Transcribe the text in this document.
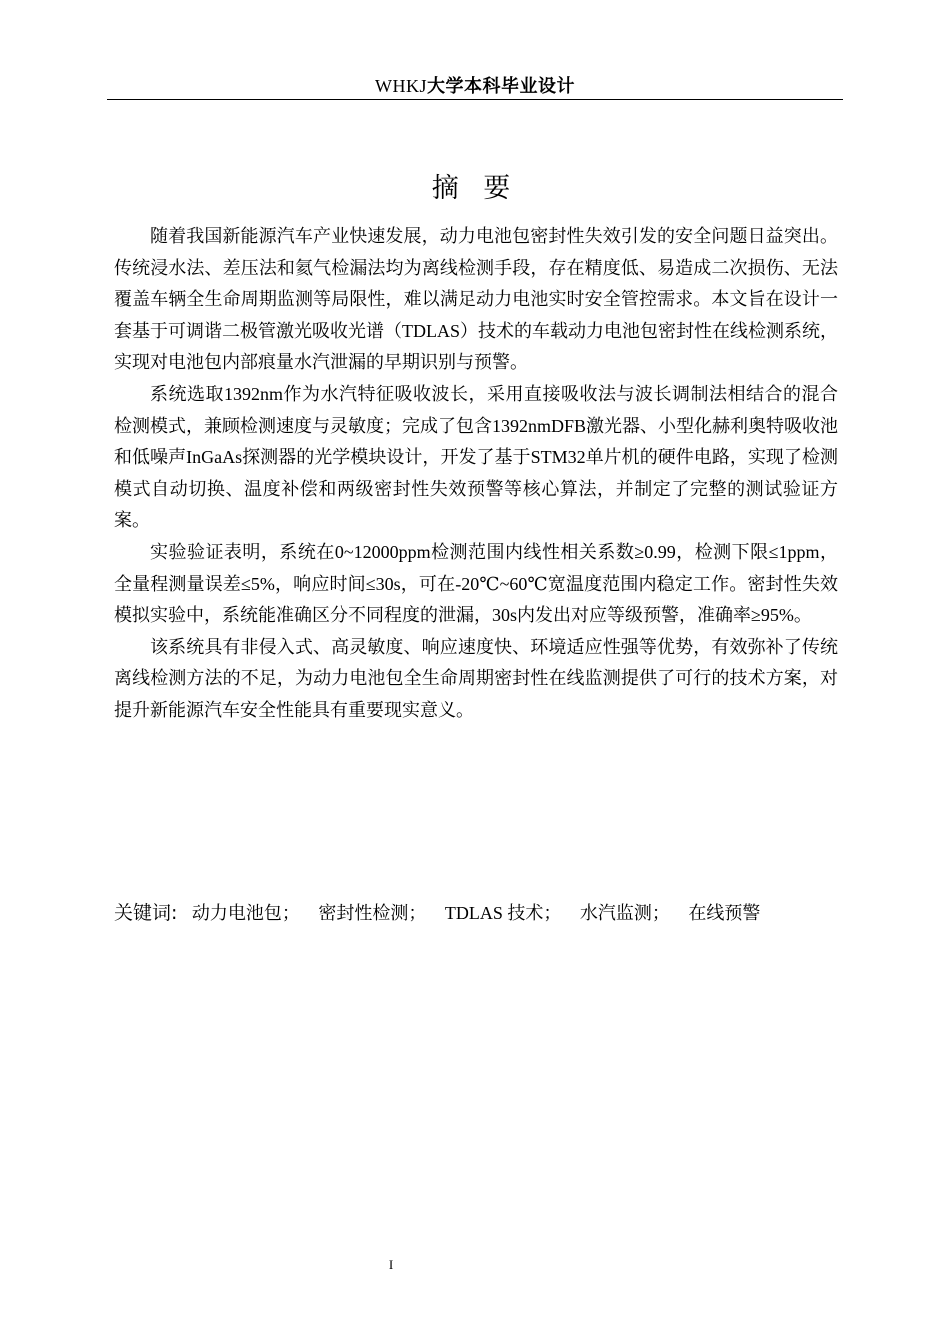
WHKJ大学本科毕业设计
摘 要

随着我国新能源汽车产业快速发展，动力电池包密封性失效引发的安全问题日益突出。传统浸水法、差压法和氦气检漏法均为离线检测手段，存在精度低、易造成二次损伤、无法覆盖车辆全生命周期监测等局限性，难以满足动力电池实时安全管控需求。本文旨在设计一套基于可调谐二极管激光吸收光谱（TDLAS）技术的车载动力电池包密封性在线检测系统，实现对电池包内部痕量水汽泄漏的早期识别与预警。

系统选取1392nm作为水汽特征吸收波长，采用直接吸收法与波长调制法相结合的混合检测模式，兼顾检测速度与灵敏度；完成了包含1392nmDFB激光器、小型化赫利奥特吸收池和低噪声InGaAs探测器的光学模块设计，开发了基于STM32单片机的硬件电路，实现了检测模式自动切换、温度补偿和两级密封性失效预警等核心算法，并制定了完整的测试验证方案。

实验验证表明，系统在0~12000ppm检测范围内线性相关系数≥0.99，检测下限≤1ppm，全量程测量误差≤5%，响应时间≤30s，可在-20℃~60℃宽温度范围内稳定工作。密封性失效模拟实验中，系统能准确区分不同程度的泄漏，30s内发出对应等级预警，准确率≥95%。

该系统具有非侵入式、高灵敏度、响应速度快、环境适应性强等优势，有效弥补了传统离线检测方法的不足，为动力电池包全生命周期密封性在线监测提供了可行的技术方案，对提升新能源汽车安全性能具有重要现实意义。

关键词: 动力电池包； 密封性检测； TDLAS 技术； 水汽监测； 在线预警
I
